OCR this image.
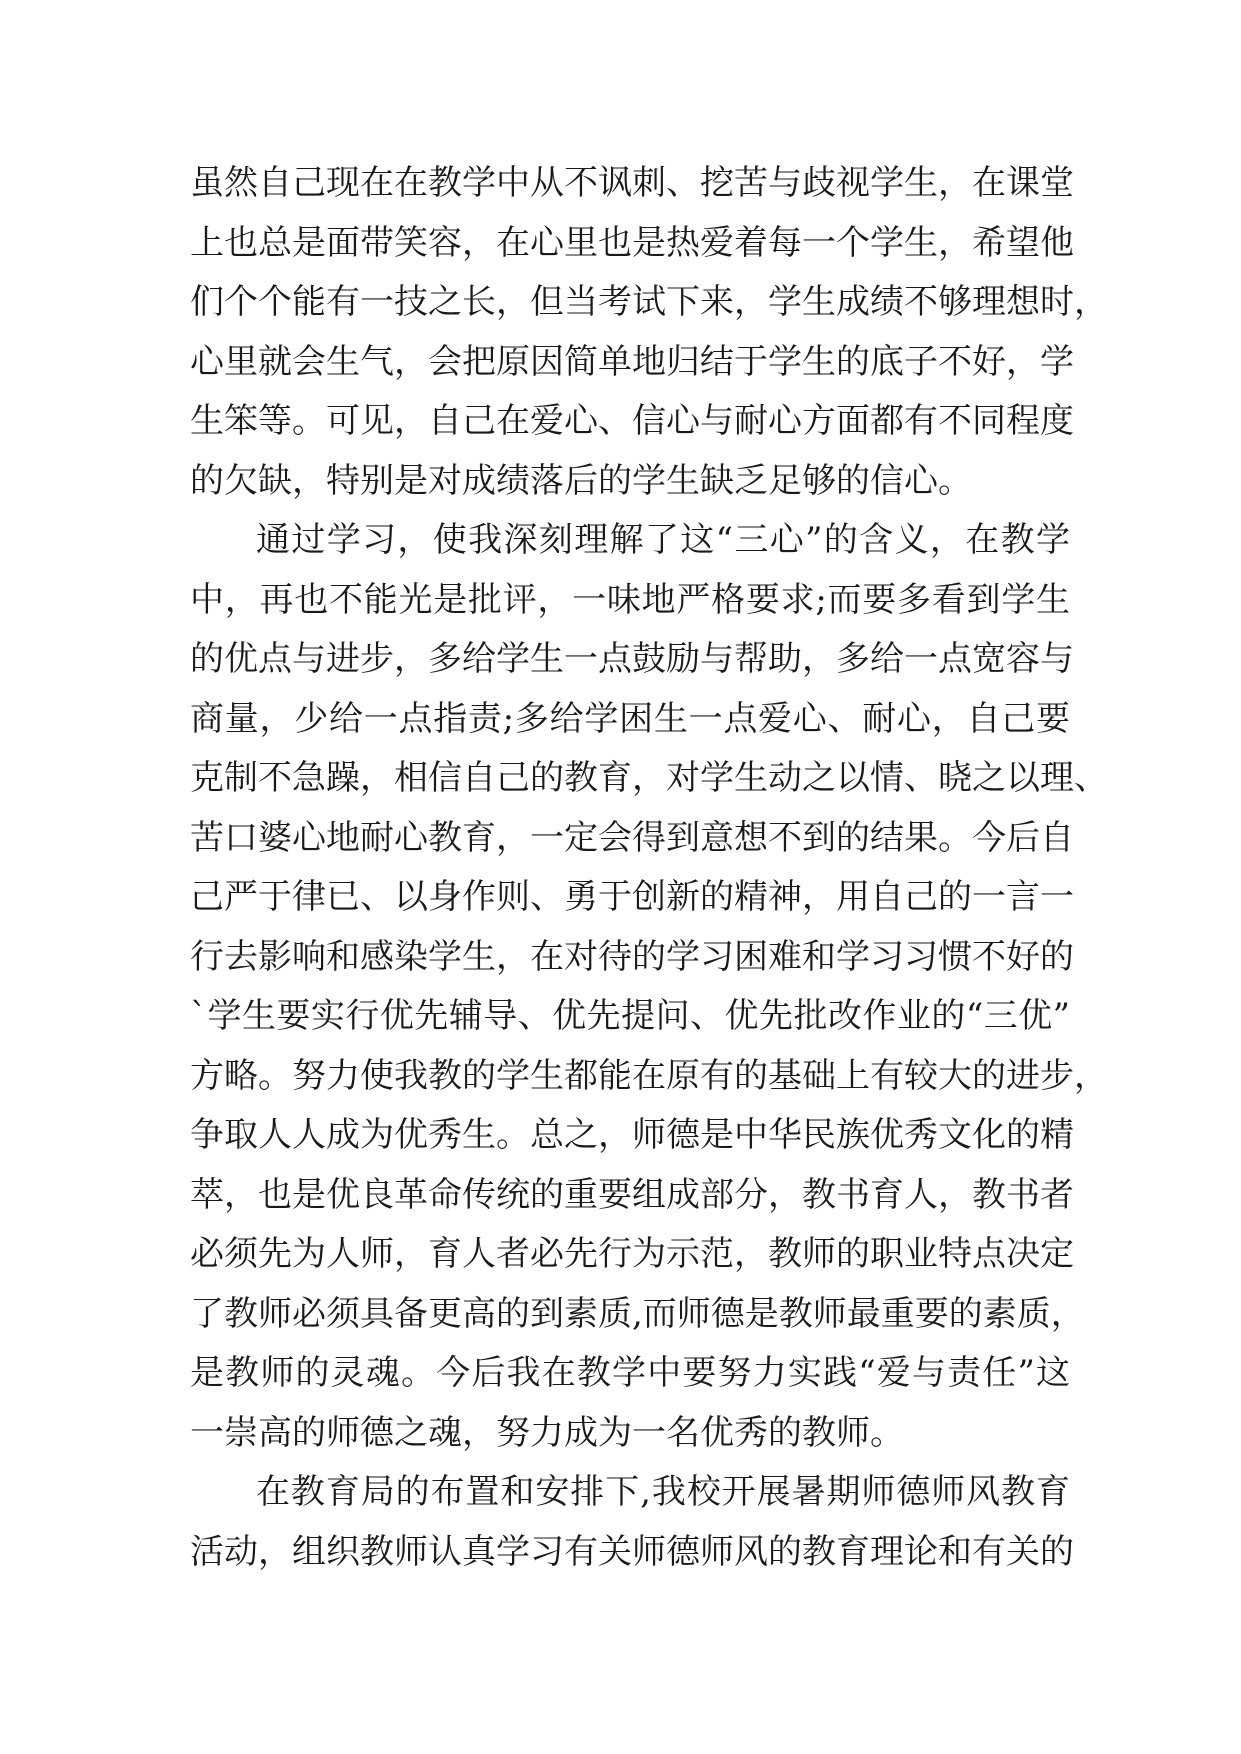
虽然自己现在在教学中从不讽刺、挖苦与歧视学生，在课堂
上也总是面带笑容，在心里也是热爱着每一个学生，希望他
们个个能有一技之长，但当考试下来，学生成绩不够理想时，
心里就会生气，会把原因简单地归结于学生的底子不好，学
生笨等。可见，自己在爱心、信心与耐心方面都有不同程度
的欠缺，特别是对成绩落后的学生缺乏足够的信心。
通过学习，使我深刻理解了这“三心”的含义，在教学
中，再也不能光是批评，一味地严格要求;而要多看到学生
的优点与进步，多给学生一点鼓励与帮助，多给一点宽容与
商量，少给一点指责;多给学困生一点爱心、耐心，自己要
克制不急躁，相信自己的教育，对学生动之以情、晓之以理、
苦口婆心地耐心教育，一定会得到意想不到的结果。今后自
己严于律已、以身作则、勇于创新的精神，用自己的一言一
行去影响和感染学生，在对待的学习困难和学习习惯不好的
`学生要实行优先辅导、优先提问、优先批改作业的“三优”
方略。努力使我教的学生都能在原有的基础上有较大的进步，
争取人人成为优秀生。总之，师德是中华民族优秀文化的精
萃，也是优良革命传统的重要组成部分，教书育人，教书者
必须先为人师，育人者必先行为示范，教师的职业特点决定
了教师必须具备更高的到素质,而师德是教师最重要的素质，
是教师的灵魂。今后我在教学中要努力实践“爱与责任”这
一崇高的师德之魂，努力成为一名优秀的教师。
在教育局的布置和安排下,我校开展暑期师德师风教育
活动，组织教师认真学习有关师德师风的教育理论和有关的
